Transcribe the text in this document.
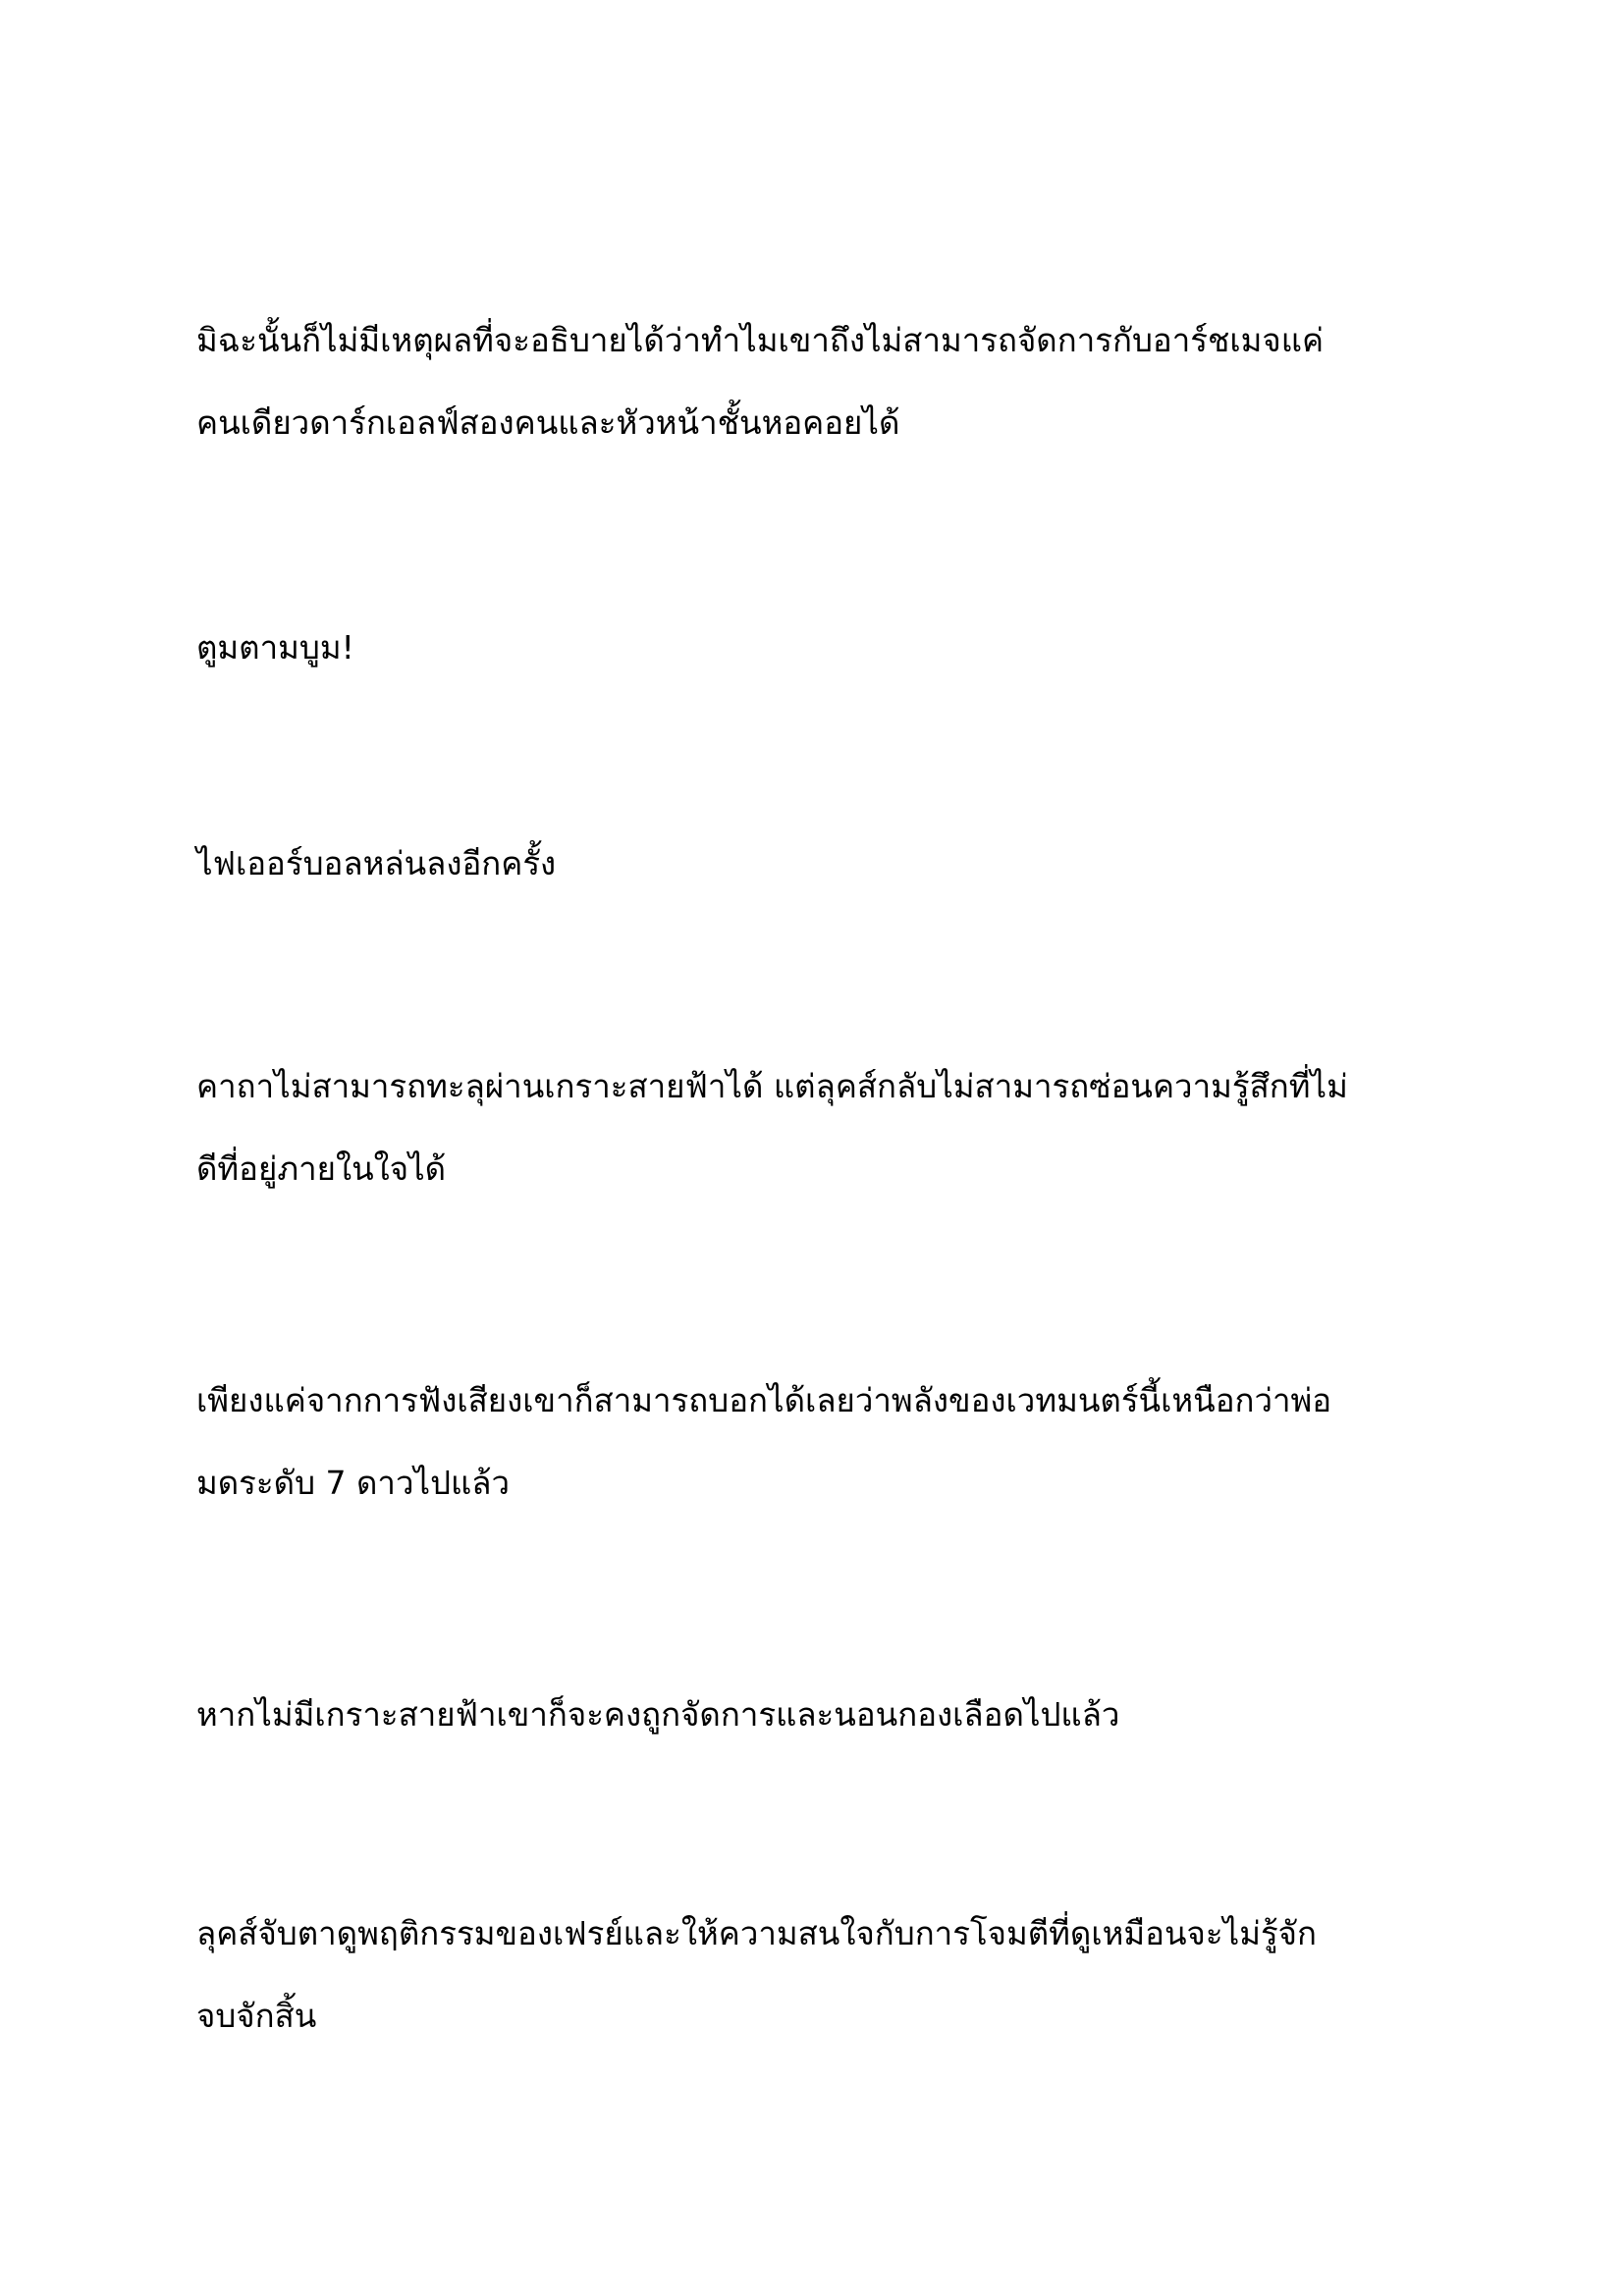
มิฉะนั้นก็ไม่มีเหตุผลที่จะอธิบายได้ว่าทำไมเขาถึงไม่สามารถจัดการกับอาร์ชเมจแค่
คนเดียวดาร์กเอลฟ์สองคนและหัวหน้าชั้นหอคอยได้

ตูมตามบูม!

ไฟเออร์บอลหล่นลงอีกครั้ง

คาถาไม่สามารถทะลุผ่านเกราะสายฟ้าได้ แต่ลุคส์กลับไม่สามารถซ่อนความรู้สึกที่ไม่
ดีที่อยู่ภายในใจได้

เพียงแค่จากการฟังเสียงเขาก็สามารถบอกได้เลยว่าพลังของเวทมนตร์นี้เหนือกว่าพ่อ
มดระดับ 7 ดาวไปแล้ว

หากไม่มีเกราะสายฟ้าเขาก็จะคงถูกจัดการและนอนกองเลือดไปแล้ว

ลุคส์จับตาดูพฤติกรรมของเฟรย์และให้ความสนใจกับการโจมตีที่ดูเหมือนจะไม่รู้จัก
จบจักสิ้น
